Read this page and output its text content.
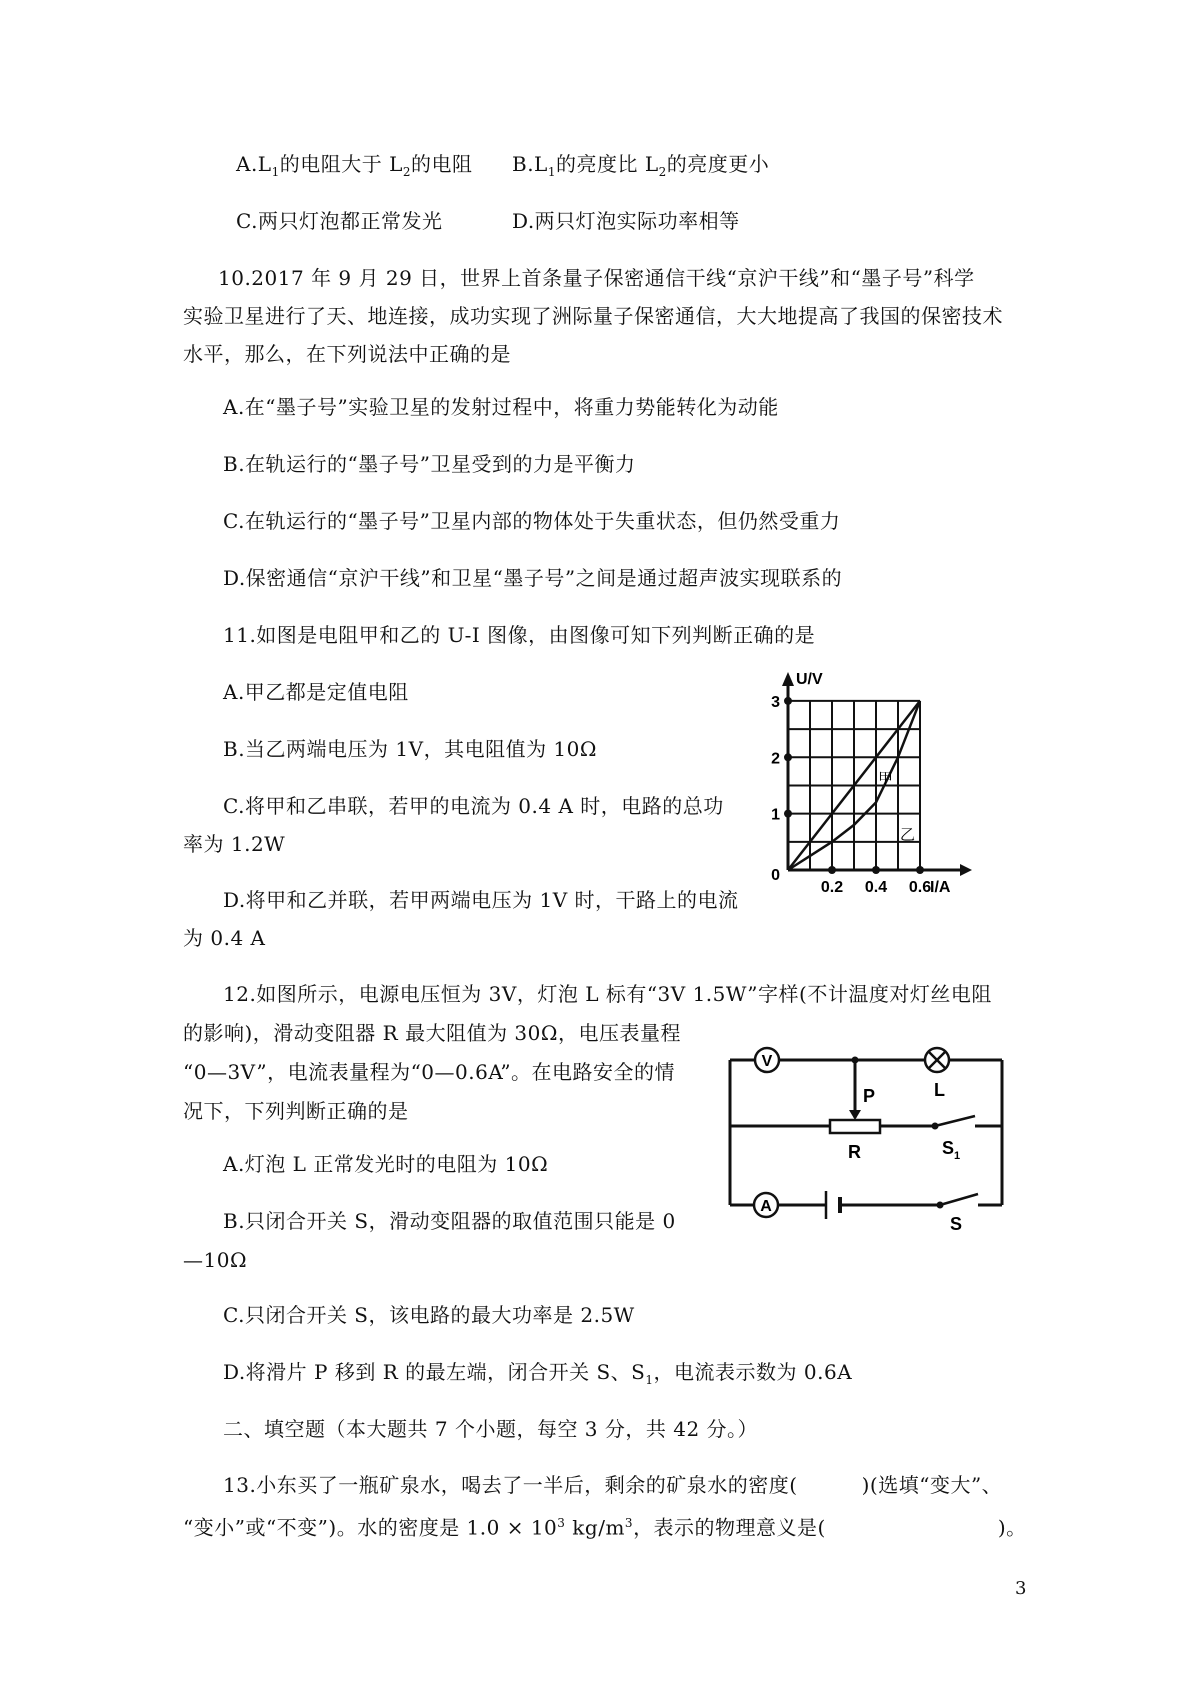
$A.L_1$的电阻大于 $L_2$的电阻 $B.L_1$的亮度比 $L_2$的亮度更小
C.两只灯泡都正常发光	D.两只灯泡实际功率相等
10.2017 年 9 月 29 日，世界上首条量子保密通信干线“京沪干线”和“墨子号”科学
实验卫星进行了天、地连接，成功实现了洲际量子保密通信，大大地提高了我国的保密技术
水平，那么，在下列说法中正确的是
A.在“墨子号”实验卫星的发射过程中，将重力势能转化为动能
B.在轨运行的“墨子号”卫星受到的力是平衡力
C.在轨运行的“墨子号”卫星内部的物体处于失重状态，但仍然受重力
D.保密通信“京沪干线”和卫星“墨子号”之间是通过超声波实现联系的
11.如图是电阻甲和乙的 U-I 图像，由图像可知下列判断正确的是
A.甲乙都是定值电阻
B.当乙两端电压为 1V，其电阻值为 10Ω
C.将甲和乙串联，若甲的电流为 0.4 A 时，电路的总功
率为 1.2W
D.将甲和乙并联，若甲两端电压为 1V 时，干路上的电流
为 0.4 A
0.2 0.4 0.6
1
2
3
0
U/V
I/A
甲
乙
12.如图所示，电源电压恒为 3V，灯泡 L 标有“3V 1.5W”字样(不计温度对灯丝电阻
的影响)，滑动变阻器 R 最大阻值为 30Ω，电压表量程
“0—3V”，电流表量程为“0—0.6A”。在电路安全的情
况下，下列判断正确的是
A.灯泡 L 正常发光时的电阻为 10Ω
B.只闭合开关 S，滑动变阻器的取值范围只能是 0
—10Ω
C.只闭合开关 S，该电路的最大功率是 2.5W
D.将滑片 P 移到 R 的最左端，闭合开关 S、$S_1$，电流表示数为 0.6A
V
L
P
R	$S_1$
A
S
二、填空题（本大题共 7 个小题，每空 3 分，共 42 分。）
13.小东买了一瓶矿泉水，喝去了一半后，剩余的矿泉水的密度(	)(选填“变大”、
“变小”或“不变”)。水的密度是 $1.0 \times 10^3$ $kg/m^3$，表示的物理意义是(	)。
3
